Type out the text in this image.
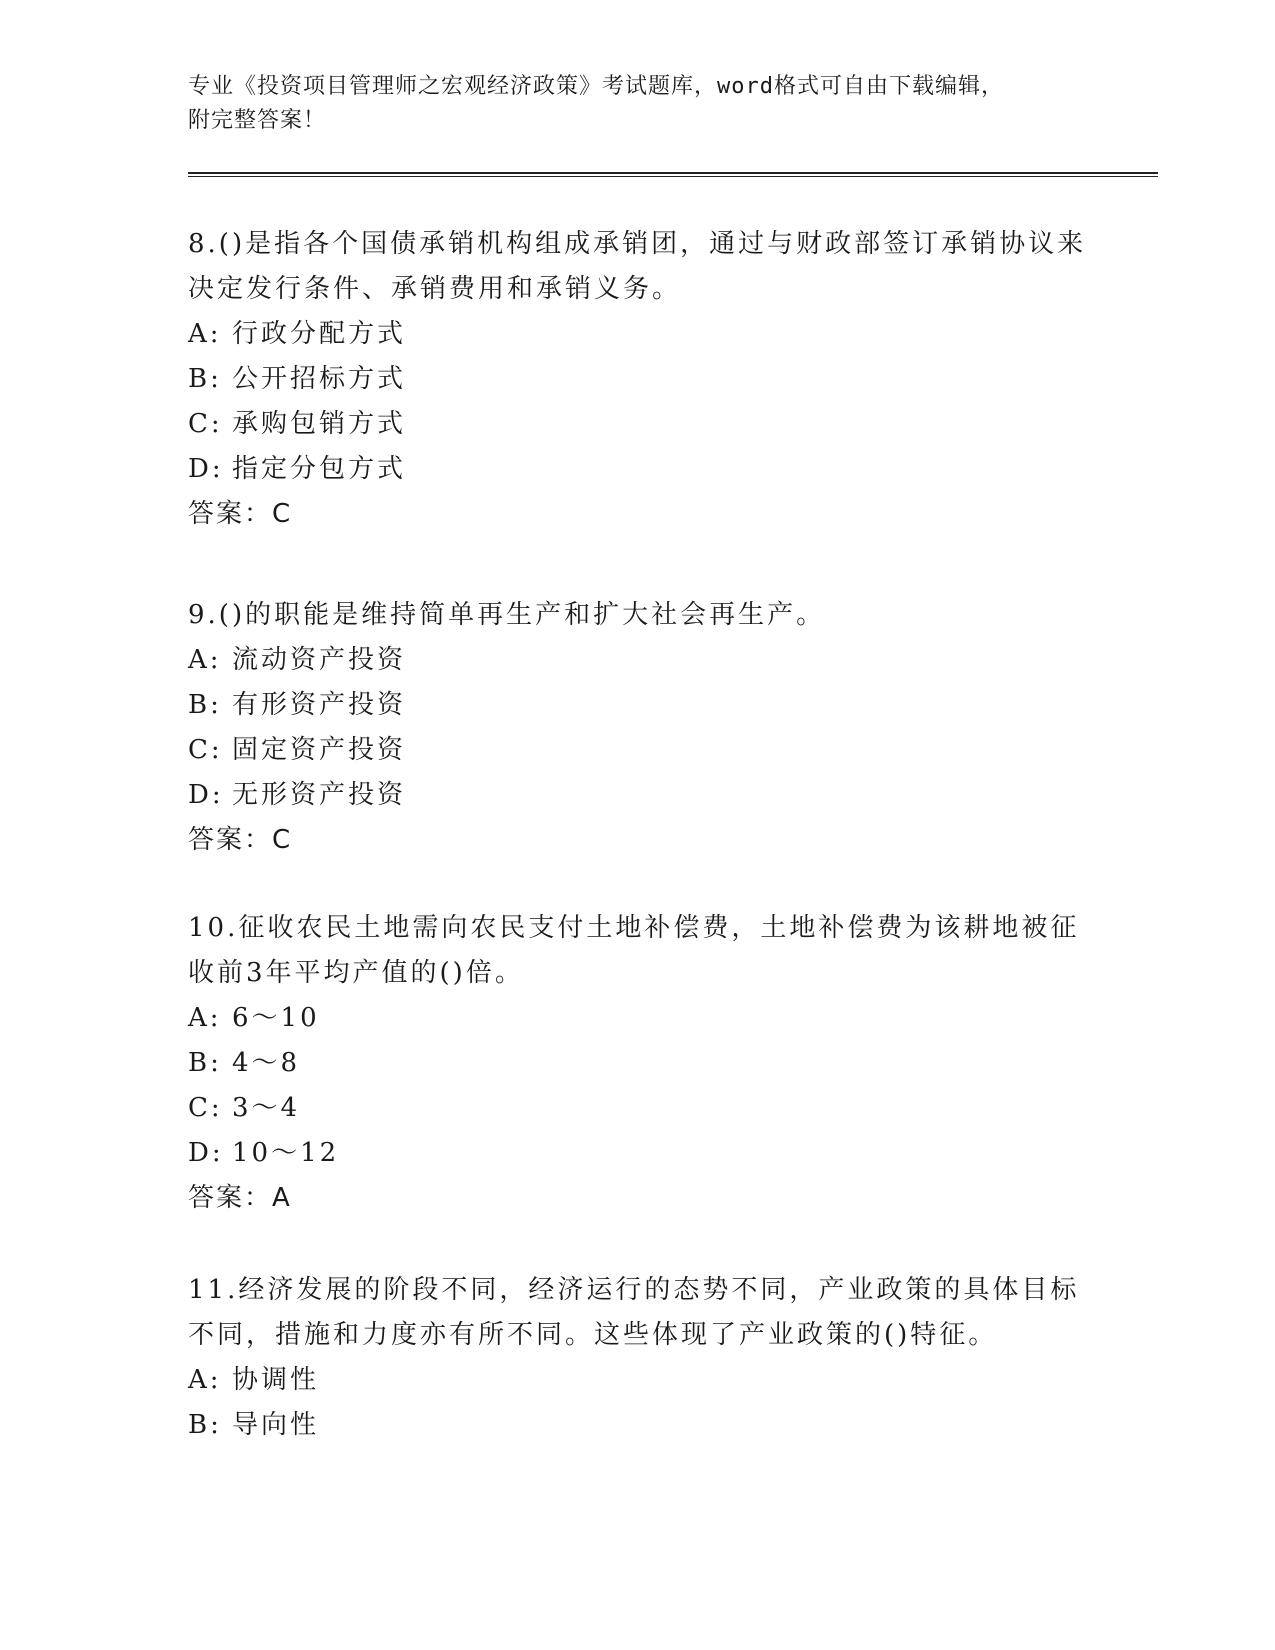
专业《投资项目管理师之宏观经济政策》考试题库，word格式可自由下载编辑，
附完整答案！

8.()是指各个国债承销机构组成承销团，通过与财政部签订承销协议来决定发行条件、承销费用和承销义务。

A: 行政分配方式
B: 公开招标方式
C: 承购包销方式
D: 指定分包方式
答案：C

9.()的职能是维持简单再生产和扩大社会再生产。

A: 流动资产投资
B: 有形资产投资
C: 固定资产投资
D: 无形资产投资
答案：C

10.征收农民土地需向农民支付土地补偿费，土地补偿费为该耕地被征收前3年平均产值的()倍。

A: 6～10
B: 4～8
C: 3～4
D: 10～12
答案：A

11.经济发展的阶段不同，经济运行的态势不同，产业政策的具体目标不同，措施和力度亦有所不同。这些体现了产业政策的()特征。

A: 协调性
B: 导向性
